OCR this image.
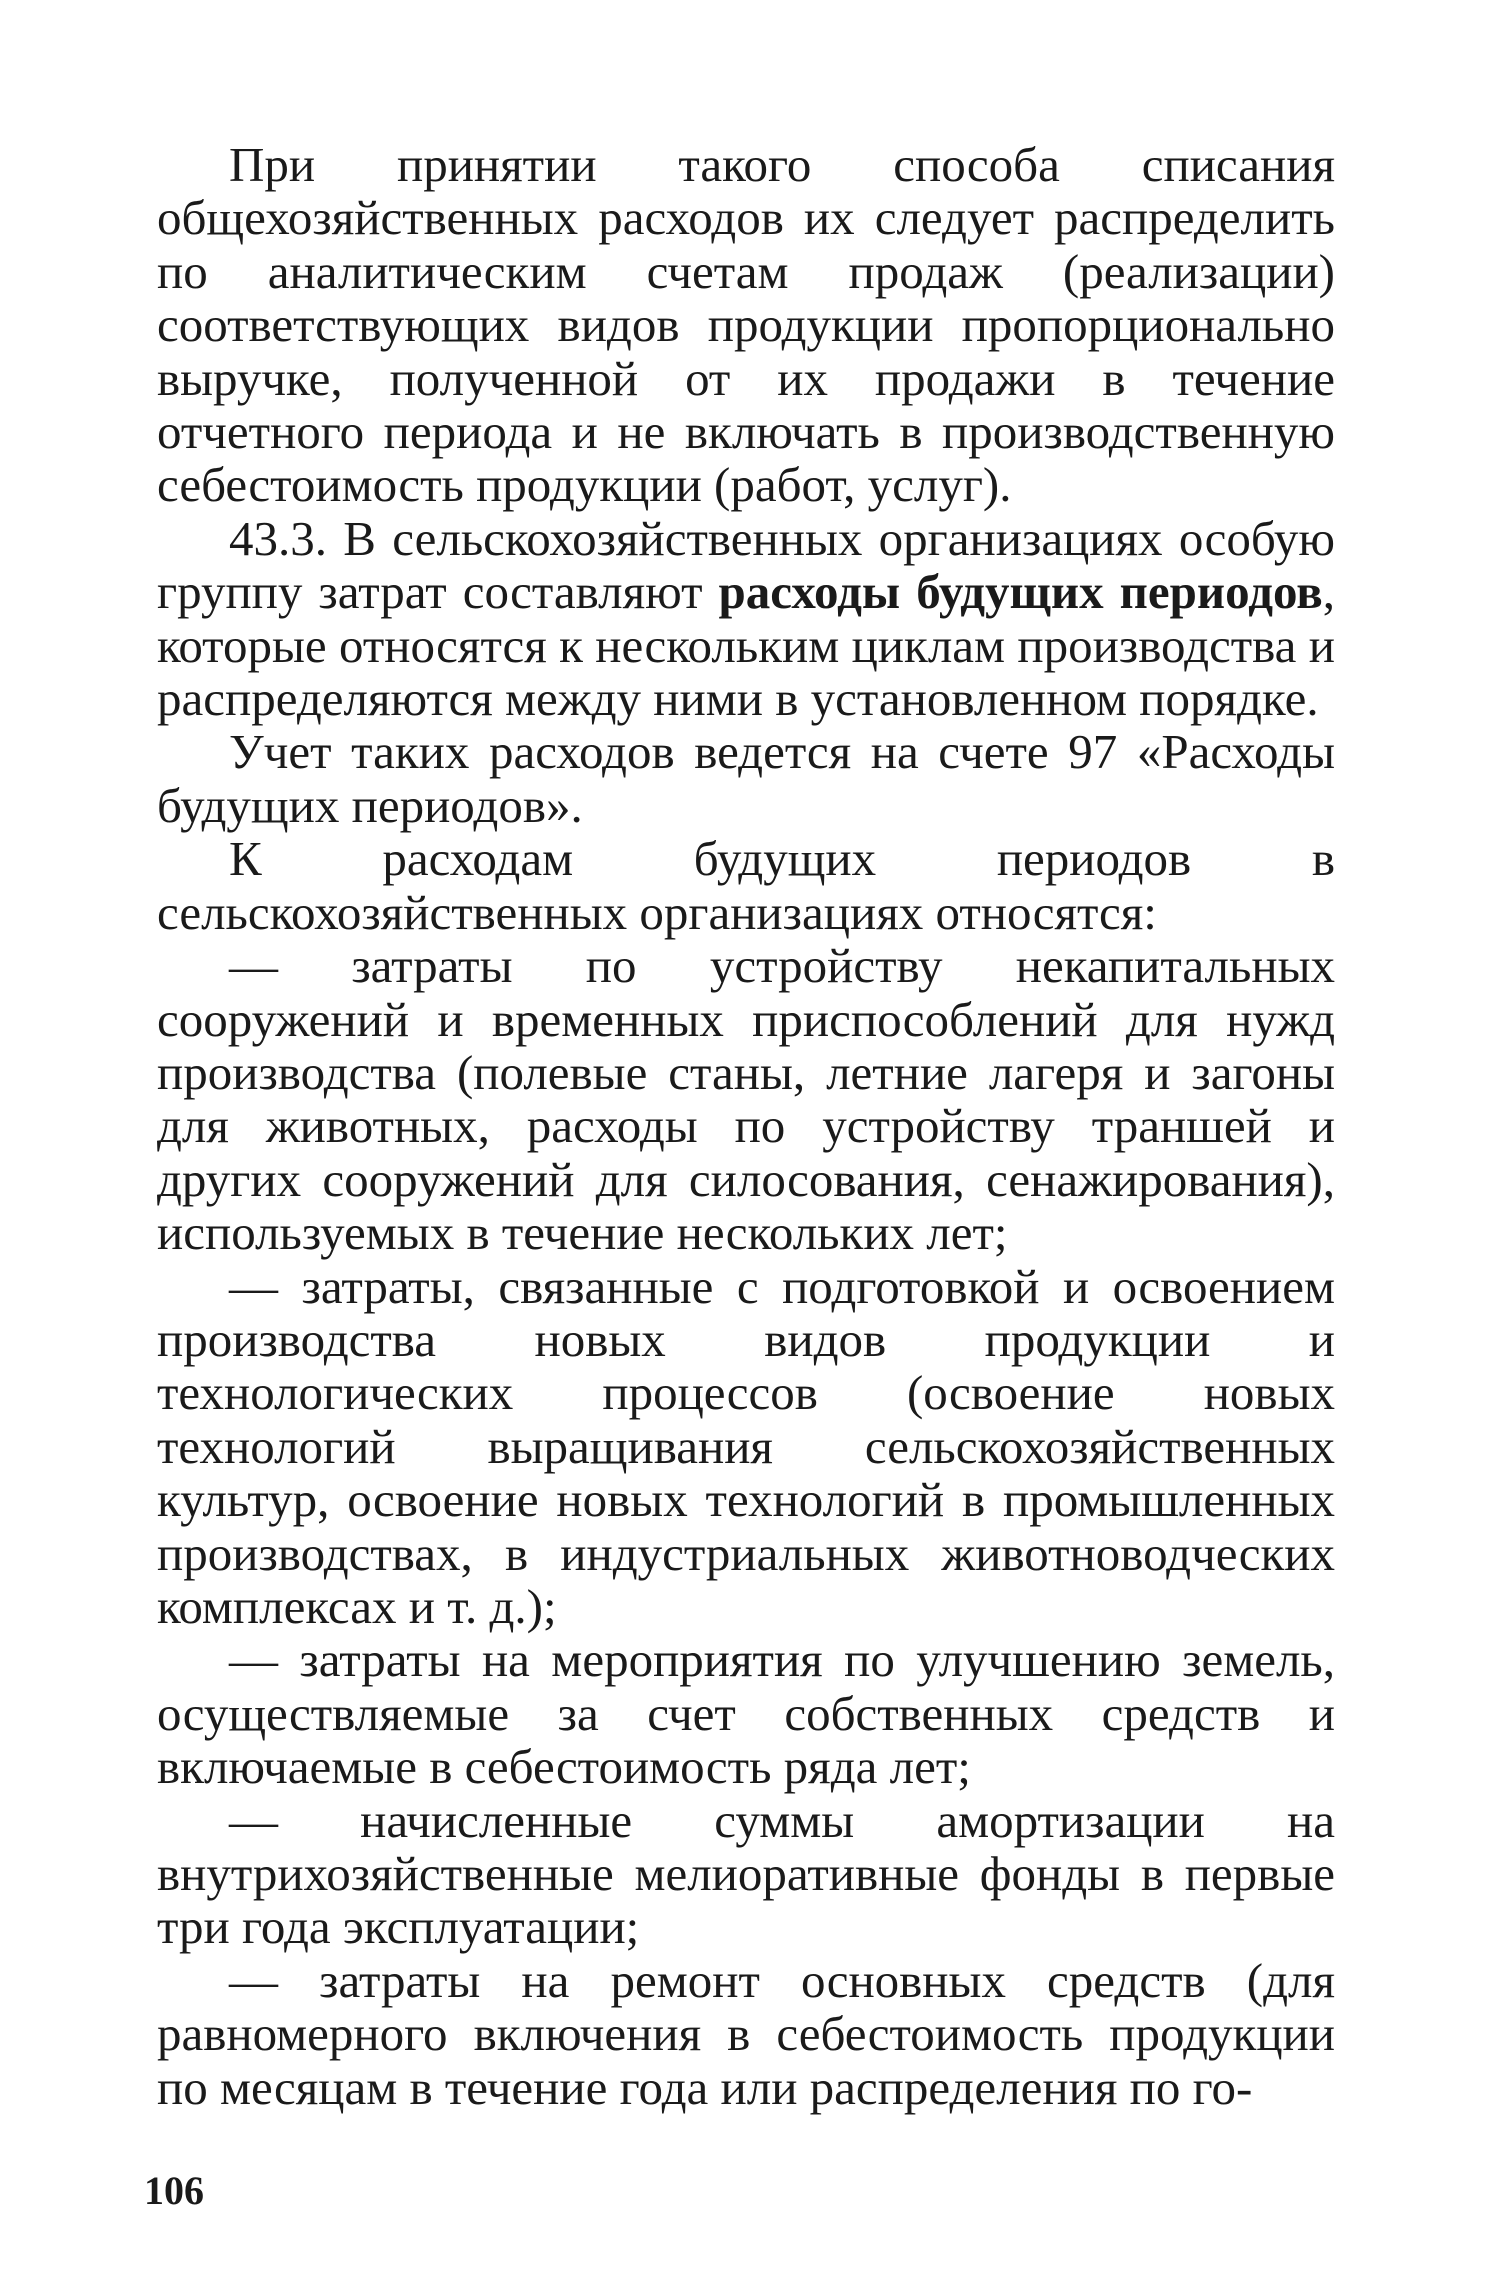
При принятии такого способа списания общехозяйственных расходов их следует распределить по аналитическим счетам продаж (реализации) соответствующих видов продукции пропорционально выручке, полученной от их продажи в течение отчетного периода и не включать в производственную себестоимость продукции (работ, услуг).

43.3. В сельскохозяйственных организациях особую группу затрат составляют расходы будущих периодов, которые относятся к нескольким циклам производства и распределяются между ними в установленном порядке.

Учет таких расходов ведется на счете 97 «Расходы будущих периодов».

К расходам будущих периодов в сельскохозяйственных организациях относятся:

— затраты по устройству некапитальных сооружений и временных приспособлений для нужд производства (полевые станы, летние лагеря и загоны для животных, расходы по устройству траншей и других сооружений для силосования, сенажирования), используемых в течение нескольких лет;

— затраты, связанные с подготовкой и освоением производства новых видов продукции и технологических процессов (освоение новых технологий выращивания сельскохозяйственных культур, освоение новых технологий в промышленных производствах, в индустриальных животноводческих комплексах и т. д.);

— затраты на мероприятия по улучшению земель, осуществляемые за счет собственных средств и включаемые в себестоимость ряда лет;

— начисленные суммы амортизации на внутрихозяйственные мелиоративные фонды в первые три года эксплуатации;

— затраты на ремонт основных средств (для равномерного включения в себестоимость продукции по месяцам в течение года или распределения по го-

106
